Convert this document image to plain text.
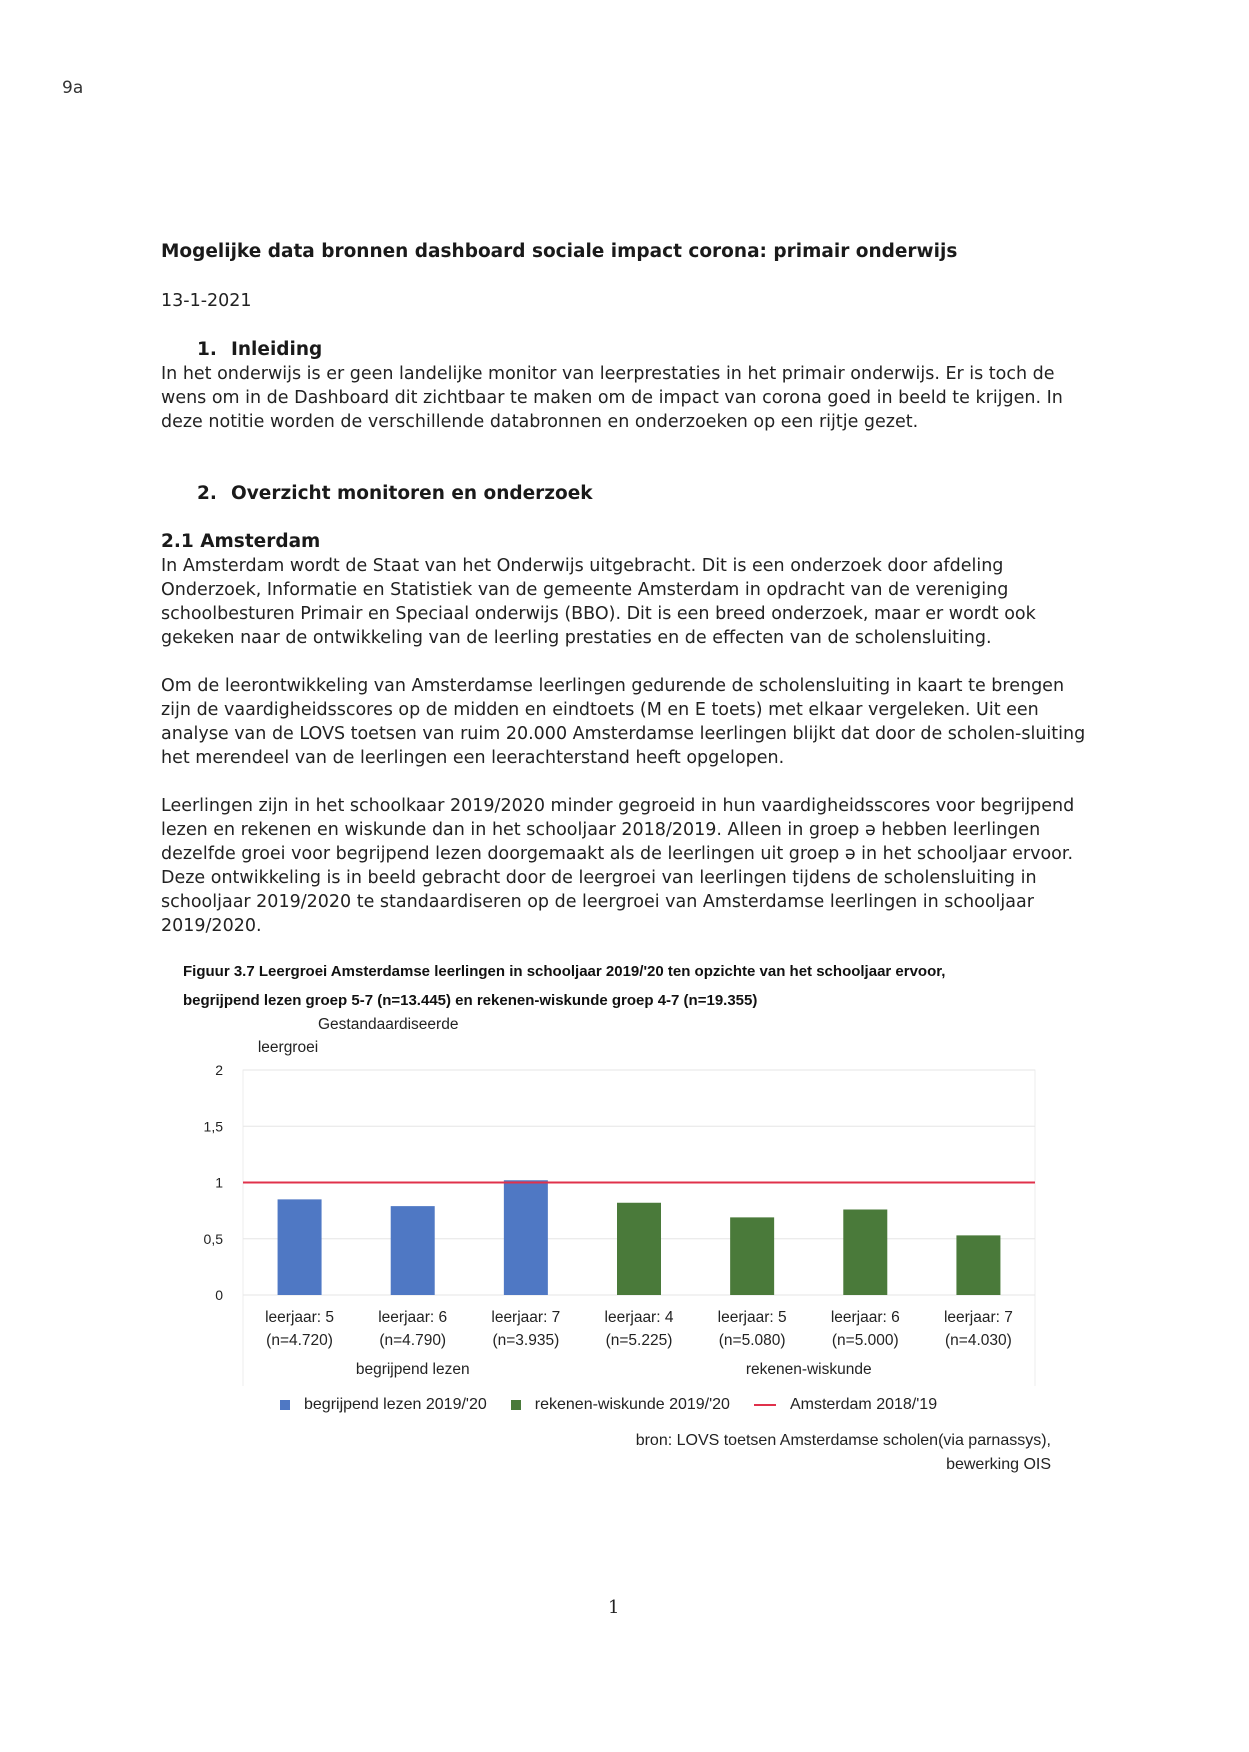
9a
Mogelijke data bronnen dashboard sociale impact corona: primair onderwijs
13-1-2021
1. Inleiding

In het onderwijs is er geen landelijke monitor van leerprestaties in het primair onderwijs. Er is toch de wens om in de Dashboard dit zichtbaar te maken om de impact van corona goed in beeld te krijgen. In deze notitie worden de verschillende databronnen en onderzoeken op een rijtje gezet.

2. Overzicht monitoren en onderzoek
2.1 Amsterdam

In Amsterdam wordt de Staat van het Onderwijs uitgebracht. Dit is een onderzoek door afdeling Onderzoek, Informatie en Statistiek van de gemeente Amsterdam in opdracht van de vereniging schoolbesturen Primair en Speciaal onderwijs (BBO). Dit is een breed onderzoek, maar er wordt ook gekeken naar de ontwikkeling van de leerling prestaties en de effecten van de scholensluiting.

Om de leerontwikkeling van Amsterdamse leerlingen gedurende de scholensluiting in kaart te brengen zijn de vaardigheidsscores op de midden en eindtoets (M en E toets) met elkaar vergeleken. Uit een analyse van de LOVS toetsen van ruim 20.000 Amsterdamse leerlingen blijkt dat door de scholen-sluiting het merendeel van de leerlingen een leerachterstand heeft opgelopen.

Leerlingen zijn in het schoolkaar 2019/2020 minder gegroeid in hun vaardigheidsscores voor begrijpend lezen en rekenen en wiskunde dan in het schooljaar 2018/2019. Alleen in groep ə hebben leerlingen dezelfde groei voor begrijpend lezen doorgemaakt als de leerlingen uit groep ə in het schooljaar ervoor. Deze ontwikkeling is in beeld gebracht door de leergroei van leerlingen tijdens de scholensluiting in schooljaar 2019/2020 te standaardiseren op de leergroei van Amsterdamse leerlingen in schooljaar 2019/2020.

Figuur 3.7 Leergroei Amsterdamse leerlingen in schooljaar 2019/'20 ten opzichte van het schooljaar ervoor,
begrijpend lezen groep 5-7 (n=13.445) en rekenen-wiskunde groep 4-7 (n=19.355)
Gestandaardiseerde
leergroei
0
0,5
1
1,5
2
leerjaar: 5
(n=4.720)
leerjaar: 6
(n=4.790)
leerjaar: 7
(n=3.935)
leerjaar: 4
(n=5.225)
leerjaar: 5
(n=5.080)
leerjaar: 6
(n=5.000)
leerjaar: 7
(n=4.030)
begrijpend lezen	rekenen-wiskunde
begrijpend lezen 2019/'20	rekenen-wiskunde 2019/'20	Amsterdam 2018/'19
bron: LOVS toetsen Amsterdamse scholen(via parnassys),
bewerking OIS
1
